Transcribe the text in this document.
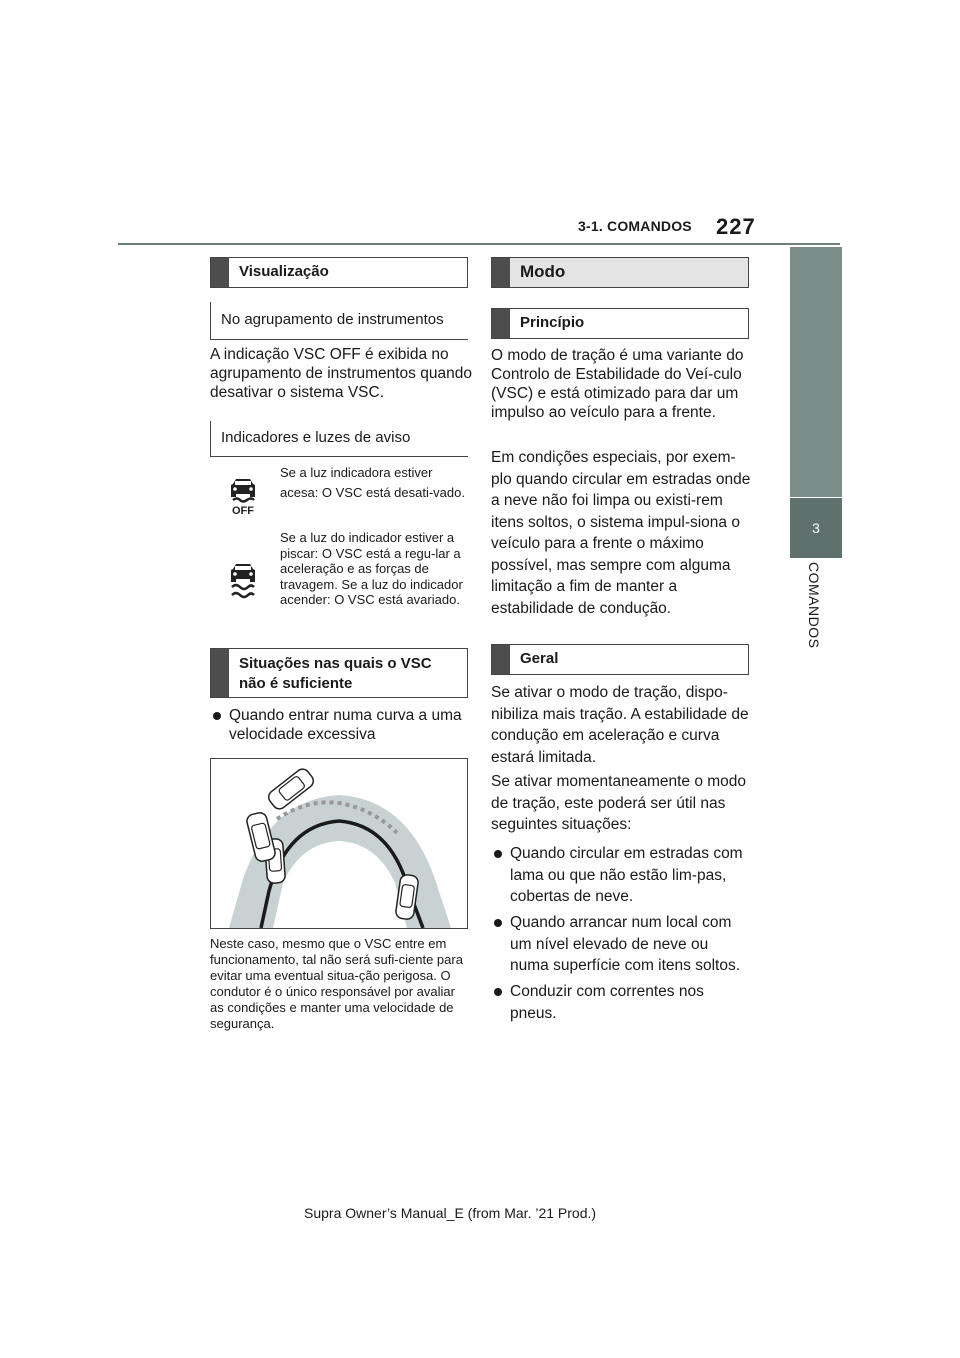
3-1. COMANDOS 227
3
COMANDOS
Visualização
No agrupamento de instrumentos
A indicação VSC OFF é exibida no agrupamento de instrumentos quando desativar o sistema VSC.
Indicadores e luzes de aviso
OFF
Se a luz indicadora estiver acesa: O VSC está desati-vado.
Se a luz do indicador estiver a piscar: O VSC está a regu-lar a aceleração e as forças de travagem. Se a luz do indicador acender: O VSC está avariado.
Situações nas quais o VSC não é suficiente
Quando entrar numa curva a uma velocidade excessiva
Neste caso, mesmo que o VSC entre em funcionamento, tal não será sufi-ciente para evitar uma eventual situa-ção perigosa. O condutor é o único responsável por avaliar as condições e manter uma velocidade de segurança.
Modo
Princípio
O modo de tração é uma variante do Controlo de Estabilidade do Veí-culo (VSC) e está otimizado para dar um impulso ao veículo para a frente.
Em condições especiais, por exem-plo quando circular em estradas onde a neve não foi limpa ou existi-rem itens soltos, o sistema impul-siona o veículo para a frente o máximo possível, mas sempre com alguma limitação a fim de manter a estabilidade de condução.
Geral
Se ativar o modo de tração, dispo-nibiliza mais tração. A estabilidade de condução em aceleração e curva estará limitada.
Se ativar momentaneamente o modo de tração, este poderá ser útil nas seguintes situações:
Quando circular em estradas com lama ou que não estão lim-pas, cobertas de neve.
Quando arrancar num local com um nível elevado de neve ou numa superfície com itens soltos.
Conduzir com correntes nos pneus.
Supra Owner’s Manual_E (from Mar. ’21 Prod.)
